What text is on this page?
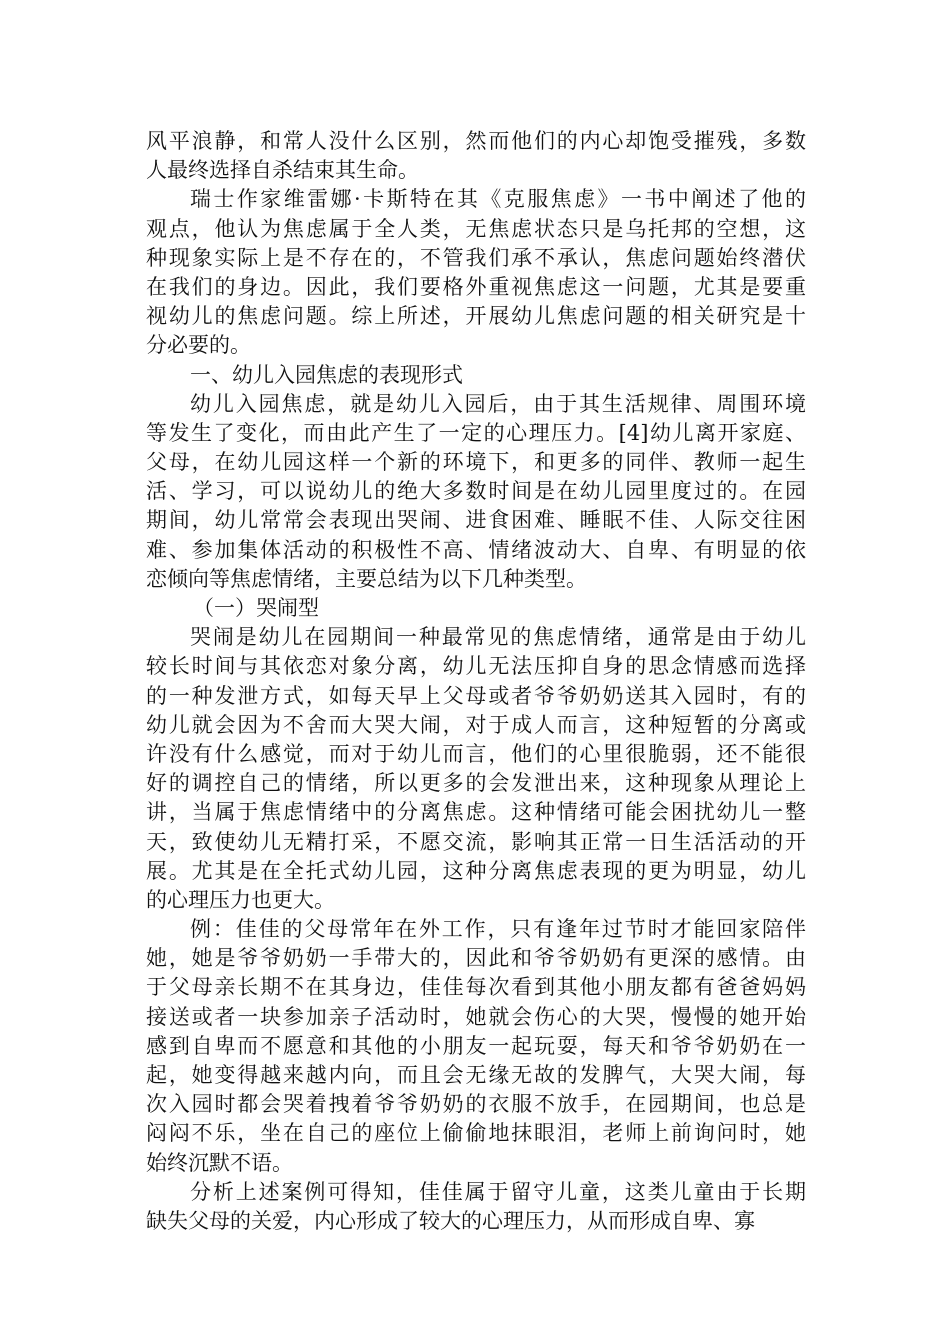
风平浪静，和常人没什么区别，然而他们的内心却饱受摧残，多数
人最终选择自杀结束其生命。
瑞士作家维雷娜·卡斯特在其《克服焦虑》一书中阐述了他的
观点，他认为焦虑属于全人类，无焦虑状态只是乌托邦的空想，这
种现象实际上是不存在的，不管我们承不承认，焦虑问题始终潜伏
在我们的身边。因此，我们要格外重视焦虑这一问题，尤其是要重
视幼儿的焦虑问题。综上所述，开展幼儿焦虑问题的相关研究是十
分必要的。
一、幼儿入园焦虑的表现形式
幼儿入园焦虑，就是幼儿入园后，由于其生活规律、周围环境
等发生了变化，而由此产生了一定的心理压力。[4]幼儿离开家庭、
父母，在幼儿园这样一个新的环境下，和更多的同伴、教师一起生
活、学习，可以说幼儿的绝大多数时间是在幼儿园里度过的。在园
期间，幼儿常常会表现出哭闹、进食困难、睡眠不佳、人际交往困
难、参加集体活动的积极性不高、情绪波动大、自卑、有明显的依
恋倾向等焦虑情绪，主要总结为以下几种类型。
（一）哭闹型
哭闹是幼儿在园期间一种最常见的焦虑情绪，通常是由于幼儿
较长时间与其依恋对象分离，幼儿无法压抑自身的思念情感而选择
的一种发泄方式，如每天早上父母或者爷爷奶奶送其入园时，有的
幼儿就会因为不舍而大哭大闹，对于成人而言，这种短暂的分离或
许没有什么感觉，而对于幼儿而言，他们的心里很脆弱，还不能很
好的调控自己的情绪，所以更多的会发泄出来，这种现象从理论上
讲，当属于焦虑情绪中的分离焦虑。这种情绪可能会困扰幼儿一整
天，致使幼儿无精打采，不愿交流，影响其正常一日生活活动的开
展。尤其是在全托式幼儿园，这种分离焦虑表现的更为明显，幼儿
的心理压力也更大。
例：佳佳的父母常年在外工作，只有逢年过节时才能回家陪伴
她，她是爷爷奶奶一手带大的，因此和爷爷奶奶有更深的感情。由
于父母亲长期不在其身边，佳佳每次看到其他小朋友都有爸爸妈妈
接送或者一块参加亲子活动时，她就会伤心的大哭，慢慢的她开始
感到自卑而不愿意和其他的小朋友一起玩耍，每天和爷爷奶奶在一
起，她变得越来越内向，而且会无缘无故的发脾气，大哭大闹，每
次入园时都会哭着拽着爷爷奶奶的衣服不放手，在园期间，也总是
闷闷不乐，坐在自己的座位上偷偷地抹眼泪，老师上前询问时，她
始终沉默不语。
分析上述案例可得知，佳佳属于留守儿童，这类儿童由于长期
缺失父母的关爱，内心形成了较大的心理压力，从而形成自卑、寡
